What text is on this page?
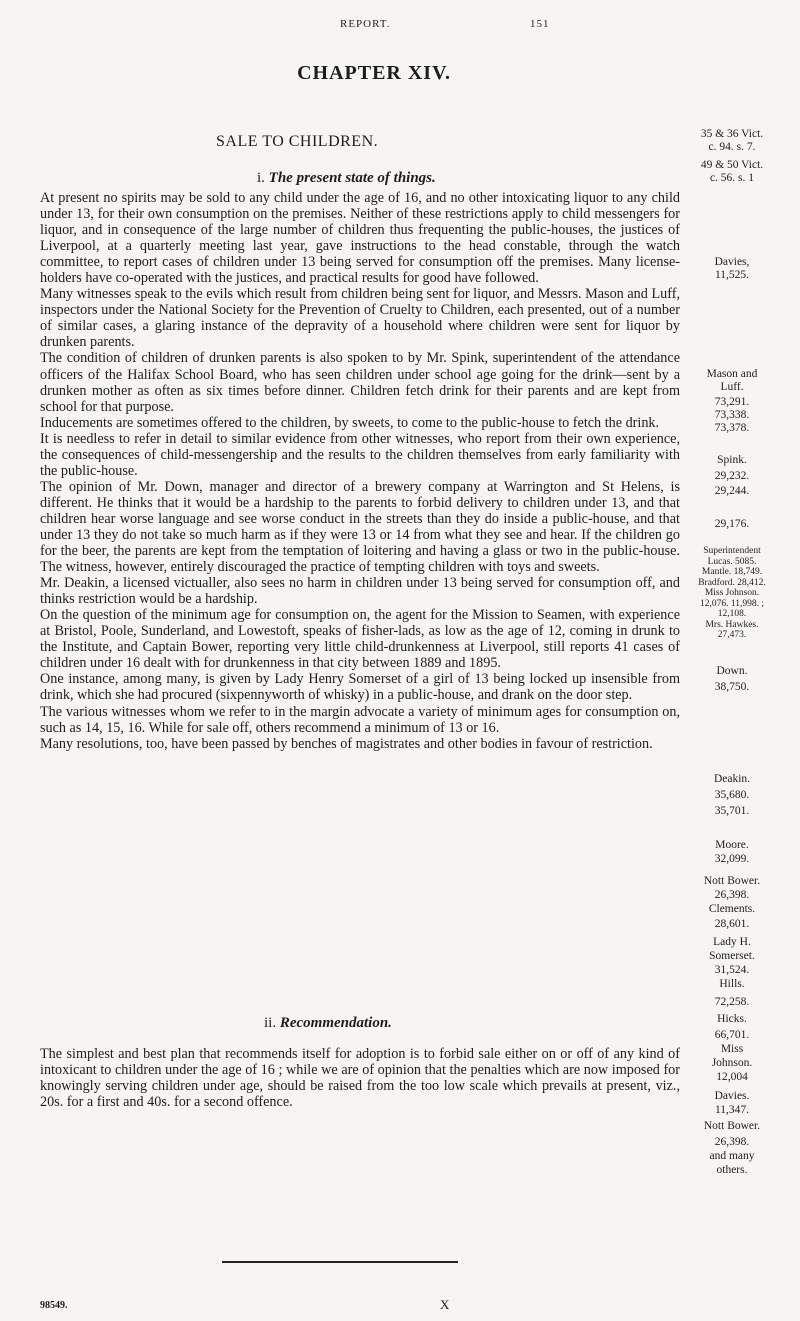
REPORT.	151
CHAPTER XIV.
SALE TO CHILDREN.
i. The present state of things.

At present no spirits may be sold to any child under the age of 16, and no other intoxicating liquor to any child under 13, for their own consumption on the premises. Neither of these restrictions apply to child messengers for liquor, and in consequence of the large number of children thus frequenting the public-houses, the justices of Liverpool, at a quarterly meeting last year, gave instructions to the head constable, through the watch committee, to report cases of children under 13 being served for consumption off the premises. Many license-holders have co-operated with the justices, and practical results for good have followed.

Many witnesses speak to the evils which result from children being sent for liquor, and Messrs. Mason and Luff, inspectors under the National Society for the Prevention of Cruelty to Children, each presented, out of a number of similar cases, a glaring instance of the depravity of a household where children were sent for liquor by drunken parents.

The condition of children of drunken parents is also spoken to by Mr. Spink, superintendent of the attendance officers of the Halifax School Board, who has seen children under school age going for the drink—sent by a drunken mother as often as six times before dinner. Children fetch drink for their parents and are kept from school for that purpose.

Inducements are sometimes offered to the children, by sweets, to come to the public-house to fetch the drink.

It is needless to refer in detail to similar evidence from other witnesses, who report from their own experience, the consequences of child-messengership and the results to the children themselves from early familiarity with the public-house.

The opinion of Mr. Down, manager and director of a brewery company at Warrington and St Helens, is different. He thinks that it would be a hardship to the parents to forbid delivery to children under 13, and that children hear worse language and see worse conduct in the streets than they do inside a public-house, and that under 13 they do not take so much harm as if they were 13 or 14 from what they see and hear. If the children go for the beer, the parents are kept from the temptation of loitering and having a glass or two in the public-house. The witness, however, entirely discouraged the practice of tempting children with toys and sweets.

Mr. Deakin, a licensed victualler, also sees no harm in children under 13 being served for consumption off, and thinks restriction would be a hardship.

On the question of the minimum age for consumption on, the agent for the Mission to Seamen, with experience at Bristol, Poole, Sunderland, and Lowestoft, speaks of fisher-lads, as low as the age of 12, coming in drunk to the Institute, and Captain Bower, reporting very little child-drunkenness at Liverpool, still reports 41 cases of children under 16 dealt with for drunkenness in that city between 1889 and 1895.

One instance, among many, is given by Lady Henry Somerset of a girl of 13 being locked up insensible from drink, which she had procured (sixpennyworth of whisky) in a public-house, and drank on the door step.

The various witnesses whom we refer to in the margin advocate a variety of minimum ages for consumption on, such as 14, 15, 16. While for sale off, others recommend a minimum of 13 or 16.

Many resolutions, too, have been passed by benches of magistrates and other bodies in favour of restriction.

ii. Recommendation.

The simplest and best plan that recommends itself for adoption is to forbid sale either on or off of any kind of intoxicant to children under the age of 16 ; while we are of opinion that the penalties which are now imposed for knowingly serving children under age, should be raised from the too low scale which prevails at present, viz., 20s. for a first and 40s. for a second offence.

35 & 36 Vict.
c. 94. s. 7.
49 & 50 Vict.
c. 56. s. 1
Davies,
11,525.
Mason and
Luff.
73,291.
73,338.
73,378.
Spink.
29,232.
29,244.
29,176.
Superintendent
Lucas. 5085.
Mantle. 18,749.
Bradford. 28,412.
Miss Johnson.
12,076. 11,998. ;
12,108.
Mrs. Hawkes.
27,473.
Down.
38,750.
Deakin.
35,680.
35,701.
Moore.
32,099.
Nott Bower.
26,398.
Clements.
28,601.
Lady H.
Somerset.
31,524.
Hills.
72,258.
Hicks.
66,701.
Miss
Johnson.
12,004
Davies.
11,347.
Nott Bower.
26,398.
and many
others.
98549.	X
